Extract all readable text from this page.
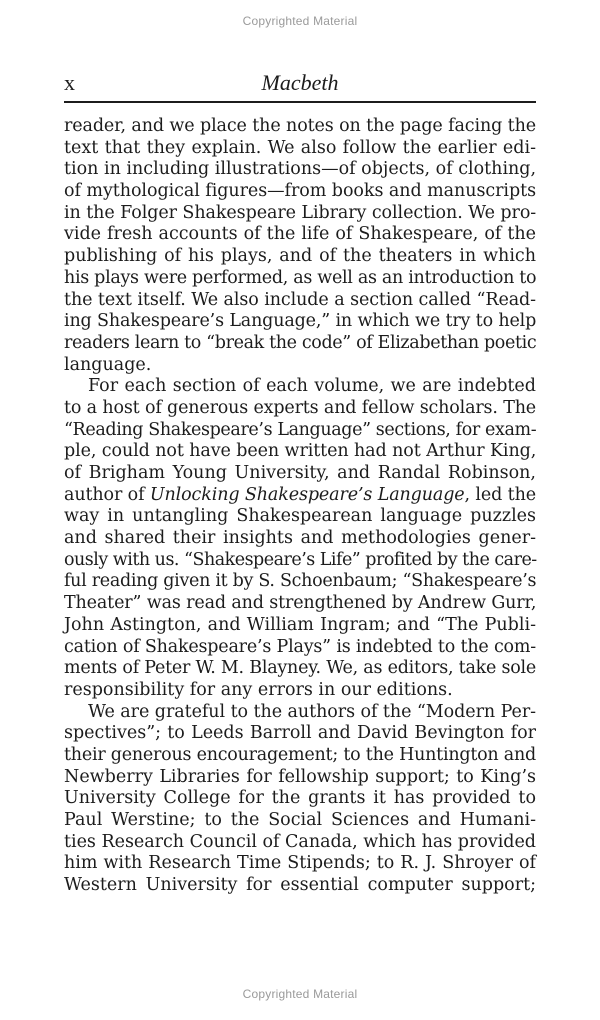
Copyrighted Material
x	Macbeth
reader, and we place the notes on the page facing the
text that they explain. We also follow the earlier edi-
tion in including illustrations—of objects, of clothing,
of mythological figures—from books and manuscripts
in the Folger Shakespeare Library collection. We pro-
vide fresh accounts of the life of Shakespeare, of the
publishing of his plays, and of the theaters in which
his plays were performed, as well as an introduction to
the text itself. We also include a section called “Read-
ing Shakespeare’s Language,” in which we try to help
readers learn to “break the code” of Elizabethan poetic
language.
For each section of each volume, we are indebted
to a host of generous experts and fellow scholars. The
“Reading Shakespeare’s Language” sections, for exam-
ple, could not have been written had not Arthur King,
of Brigham Young University, and Randal Robinson,
author of Unlocking Shakespeare’s Language, led the
way in untangling Shakespearean language puzzles
and shared their insights and methodologies gener-
ously with us. “Shakespeare’s Life” profited by the care-
ful reading given it by S. Schoenbaum; “Shakespeare’s
Theater” was read and strengthened by Andrew Gurr,
John Astington, and William Ingram; and “The Publi-
cation of Shakespeare’s Plays” is indebted to the com-
ments of Peter W. M. Blayney. We, as editors, take sole
responsibility for any errors in our editions.
We are grateful to the authors of the “Modern Per-
spectives”; to Leeds Barroll and David Bevington for
their generous encouragement; to the Huntington and
Newberry Libraries for fellowship support; to King’s
University College for the grants it has provided to
Paul Werstine; to the Social Sciences and Humani-
ties Research Council of Canada, which has provided
him with Research Time Stipends; to R. J. Shroyer of
Western University for essential computer support;
Copyrighted Material
